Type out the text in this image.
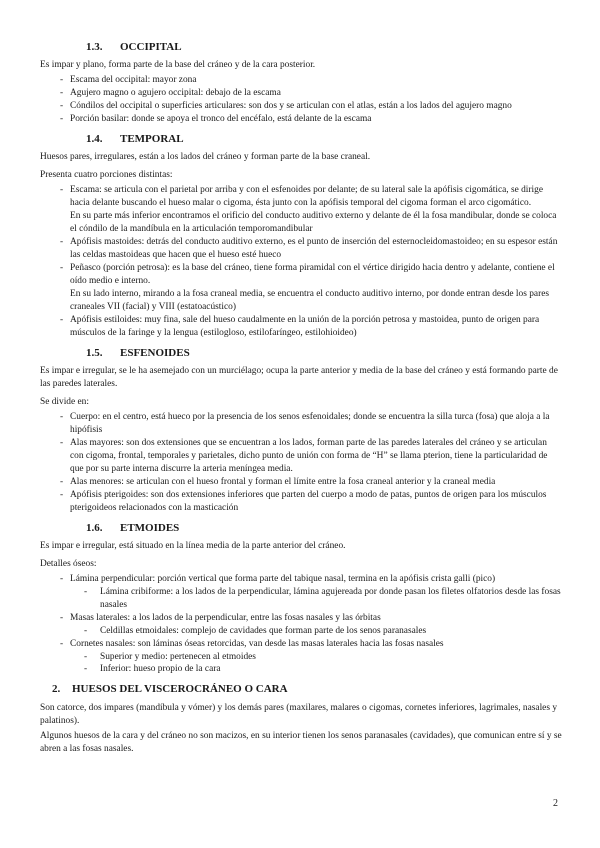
1.3. OCCIPITAL

Es impar y plano, forma parte de la base del cráneo y de la cara posterior.

- Escama del occipital: mayor zona
- Agujero magno o agujero occipital: debajo de la escama
- Cóndilos del occipital o superficies articulares: son dos y se articulan con el atlas, están a los lados del agujero magno
- Porción basilar: donde se apoya el tronco del encéfalo, está delante de la escama
1.4. TEMPORAL

Huesos pares, irregulares, están a los lados del cráneo y forman parte de la base craneal.

Presenta cuatro porciones distintas:

- Escama: se articula con el parietal por arriba y con el esfenoides por delante; de su lateral sale la apófisis cigomática, se dirige hacia delante buscando el hueso malar o cigoma, ésta junto con la apófisis temporal del cigoma forman el arco cigomático.
En su parte más inferior encontramos el orificio del conducto auditivo externo y delante de él la fosa mandibular, donde se coloca el cóndilo de la mandíbula en la articulación temporomandibular
- Apófisis mastoides: detrás del conducto auditivo externo, es el punto de inserción del esternocleidomastoideo; en su espesor están las celdas mastoideas que hacen que el hueso esté hueco
- Peñasco (porción petrosa): es la base del cráneo, tiene forma piramidal con el vértice dirigido hacia dentro y adelante, contiene el oído medio e interno.
En su lado interno, mirando a la fosa craneal media, se encuentra el conducto auditivo interno, por donde entran desde los pares craneales VII (facial) y VIII (estatoacústico)
- Apófisis estiloides: muy fina, sale del hueso caudalmente en la unión de la porción petrosa y mastoidea, punto de origen para músculos de la faringe y la lengua (estilogloso, estilofaríngeo, estilohioideo)
1.5. ESFENOIDES

Es impar e irregular, se le ha asemejado con un murciélago; ocupa la parte anterior y media de la base del cráneo y está formando parte de las paredes laterales.

Se divide en:

- Cuerpo: en el centro, está hueco por la presencia de los senos esfenoidales; donde se encuentra la silla turca (fosa) que aloja a la hipófisis
- Alas mayores: son dos extensiones que se encuentran a los lados, forman parte de las paredes laterales del cráneo y se articulan con cigoma, frontal, temporales y parietales, dicho punto de unión con forma de “H” se llama pterion, tiene la particularidad de que por su parte interna discurre la arteria meníngea media.
- Alas menores: se articulan con el hueso frontal y forman el límite entre la fosa craneal anterior y la craneal media
- Apófisis pterigoides: son dos extensiones inferiores que parten del cuerpo a modo de patas, puntos de origen para los músculos pterigoideos relacionados con la masticación
1.6. ETMOIDES

Es impar e irregular, está situado en la línea media de la parte anterior del cráneo.

Detalles óseos:

- Lámina perpendicular: porción vertical que forma parte del tabique nasal, termina en la apófisis crista galli (pico)
- Lámina cribiforme: a los lados de la perpendicular, lámina agujereada por donde pasan los filetes olfatorios desde las fosas nasales
- Masas laterales: a los lados de la perpendicular, entre las fosas nasales y las órbitas
- Celdillas etmoidales: complejo de cavidades que forman parte de los senos paranasales
- Cornetes nasales: son láminas óseas retorcidas, van desde las masas laterales hacia las fosas nasales
- Superior y medio: pertenecen al etmoides
- Inferior: hueso propio de la cara
2. HUESOS DEL VISCEROCRÁNEO O CARA

Son catorce, dos impares (mandíbula y vómer) y los demás pares (maxilares, malares o cigomas, cornetes inferiores, lagrimales, nasales y palatinos).

Algunos huesos de la cara y del cráneo no son macizos, en su interior tienen los senos paranasales (cavidades), que comunican entre sí y se abren a las fosas nasales.

2
